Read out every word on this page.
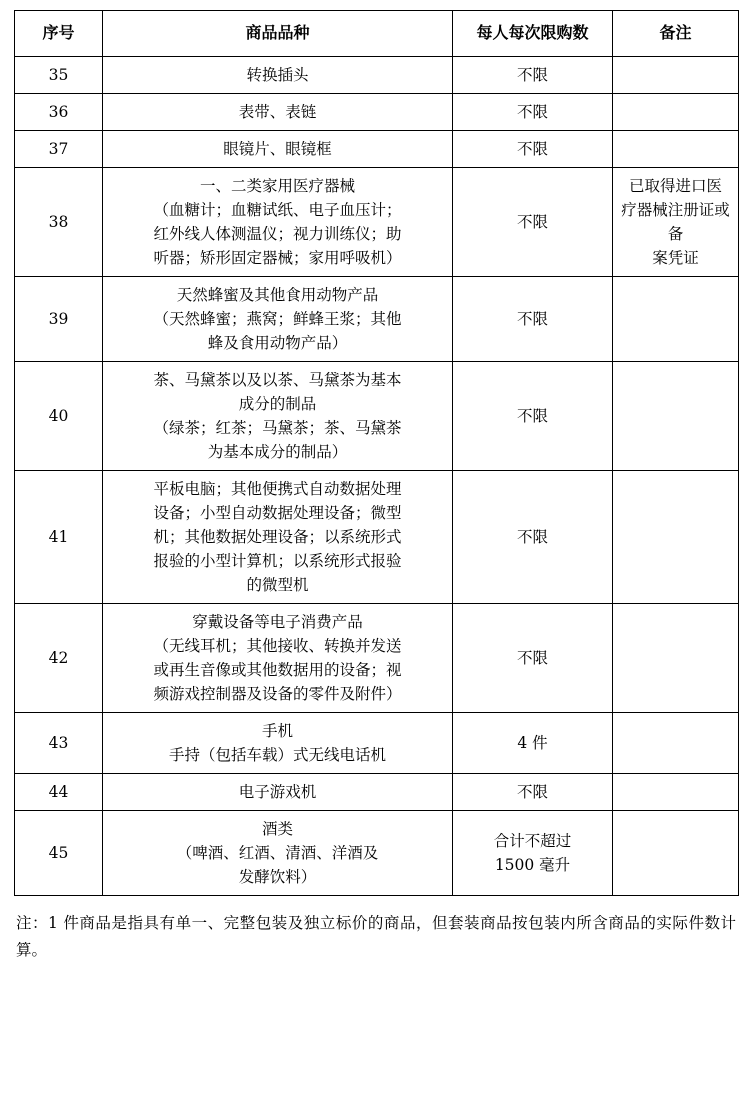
序号	商品品种	每人每次限购数	备注
35	转换插头	不限	

36	表带、表链	不限	

37	眼镜片、眼镜框	不限	

38	一、二类家用医疗器械
（血糖计；血糖试纸、电子血压计；
红外线人体测温仪；视力训练仪；助
听器；矫形固定器械；家用呼吸机）	不限	已取得进口医
疗器械注册证或备
案凭证

39	天然蜂蜜及其他食用动物产品
（天然蜂蜜；燕窝；鲜蜂王浆；其他
蜂及食用动物产品）	不限	

40	茶、马黛茶以及以茶、马黛茶为基本
成分的制品
（绿茶；红茶；马黛茶；茶、马黛茶
为基本成分的制品）	不限	

41	平板电脑；其他便携式自动数据处理
设备；小型自动数据处理设备；微型
机；其他数据处理设备；以系统形式
报验的小型计算机；以系统形式报验
的微型机	不限	

42	穿戴设备等电子消费产品
（无线耳机；其他接收、转换并发送
或再生音像或其他数据用的设备；视
频游戏控制器及设备的零件及附件）	不限	

43	手机
手持（包括车载）式无线电话机	4 件	

44	电子游戏机	不限	

45	酒类
（啤酒、红酒、清酒、洋酒及
发酵饮料）	合计不超过
1500 毫升	

注：1 件商品是指具有单一、完整包装及独立标价的商品，但套装商品按包装内所含商品的实际件数计算。
